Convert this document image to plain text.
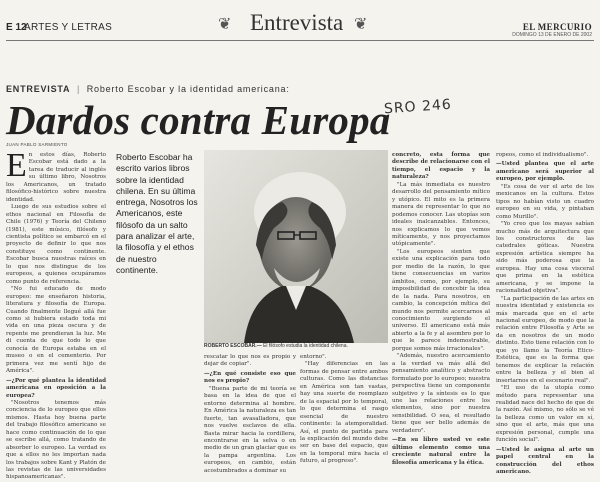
E 12
ARTES Y LETRAS	❦ Entrevista ❦	EL MERCURIO
DOMINGO 13 DE ENERO DE 2002
ENTREVISTA  |  Roberto Escobar y la identidad americana:
SRO 246
Dardos contra Europa
JUAN PABLO SARMIENTO

En estos días, Roberto Escobar está dado a la tarea de traducir al inglés su último libro, Nosotros los Americanos, un tratado filosófico-histórico sobre nuestra identidad.

Luego de sus estudios sobre el ethos nacional en Filosofía de Chile (1976) y Teoría del Chileno (1981), este músico, filósofo y cientista político se embarcó en el proyecto de definir lo que nos constituye como continente. Escobar busca nuestras raíces en lo que nos distingue de los europeos, a quienes ocupáramos como punto de referencia.

"No fui educado de modo europeo: me enseñaron historia, literatura y filosofía de Europa. Cuando finalmente llegué allá fue como si hubiera estado toda mi vida en una pieza oscura y de repente me prendieran la luz. Me di cuenta de que todo lo que conocía de Europa estaba en el museo o en el cementerio. Por primera vez me sentí hijo de América".

—¿Por qué plantea la identidad americana en oposición a la europea?

"Nosotros tenemos más conciencia de lo europeo que ellos mismos. Hasta hoy buena parte del trabajo filosófico americano se hace como continuación de lo que se escribe allá, como tratando de absorber lo europeo. La verdad es que a ellos no les importan nada los trabajos sobre Kant y Platón de las revistas de las universidades hispanoamericanas".

Roberto Escobar ha escrito varios libros sobre la identidad chilena. En su última entrega, Nosotros los Americanos, este filósofo da un salto para analizar el arte, la filosofía y el ethos de nuestro continente.
ROBERTO ESCOBAR.— El filósofo estudia la identidad chilena.

rescatar lo que nos es propio y dejar de copiar".

—¿En qué consiste eso que nos es propio?

"Buena parte de mi teoría se basa en la idea de que el entorno determina al hombre. En América la naturaleza es tan fuerte, tan avasalladora, que nos vuelve esclavos de ella. Basta mirar hacia la cordillera, encontrarse en la selva o en medio de un gran glaciar que es la pampa argentina. Los europeos, en cambio, están acostumbrados a dominar su

entorno".

"Hay diferencias en las formas de pensar entre ambos culturas. Como las distancias en América son tan vastas, hay una suerte de reemplazo de la espacial por lo temporal, lo que determina el rasgo esencial de nuestro continente: la atemporalidad. Así, el punto de partida para la explicación del mundo debe ser en base del espacio, que en la temporal mira hacia el futuro, al progreso".

concreto, esta forma que describe de relacionarse con el tiempo, el espacio y la naturaleza?

"La más inmediata es nuestro desarrollo del pensamiento mítico y utópico. El mito es la primera manera de representar lo que no podemos conocer. Las utopías son ideales inalcanzables. Entonces, nos explicamos lo que vemos míticamente, y nos proyectamos utópicamente".

"Los europeos sienten que existe una explicación para todo por medio de la razón, lo que tiene consecuencias en varios ámbitos, como, por ejemplo, su imposibilidad de concebir la idea de la nada. Para nosotros, en cambio, la concepción mítica del mundo nos permite acercarnos al conocimiento surgiendo el universo. El americano está más abierto a la fe y al asombro por lo que le parece indemostrable, porque somos más irracionales".

"Además, nuestro acercamiento a la verdad va más allá del pensamiento analítico y abstracto formulado por lo europeo; nuestra perspectiva tiene un componente subjetivo y la síntesis es lo que une las relaciones entre los elementos, sino por nuestra sensibilidad. O sea, el resultado tiene que ser bello además de verdadero".

—En su libro usted ve este último elemento como una creciente natural entre la filosofía americana y la ética.

ropeos, como el individualismo".

—Usted plantea que el arte americano será superior al europeo, por ejemplo.

"Es cosa de ver el arte de los mexicanos en la cultura. Estos tipos no habían visto un cuadro europeo en su vida, y pintaban como Murillo".

"Yo creo que los mayas sabían mucho más de arquitectura que los constructores de las catedrales góticas. Nuestra expresión artística siempre ha sido más poderosa que la europea. Hay una cosa visceral que prima en la estética americana, y se impone la racionalidad objetiva".

"La participación de las artes en nuestra identidad y existencia es más marcada que en el arte nacional europeo, de modo que la relación entre Filosofía y Arte se da en nosotros de un modo distinto. Esto tiene relación con lo que yo llamo la Teoría Etico-Estética, que es la forma que tenemos de explicar la relación entre la belleza y el bien al insertarnos en el escenario real".

"El uso de la utopía como método para representar una realidad nace del hecho de que de la razón. Así mismo, no sólo se vé la belleza como un valor en sí, sino que el arte, más que una expresión personal, cumple una función social".

—Usted le asigna al arte un papel central en la construcción del ethos americano.
